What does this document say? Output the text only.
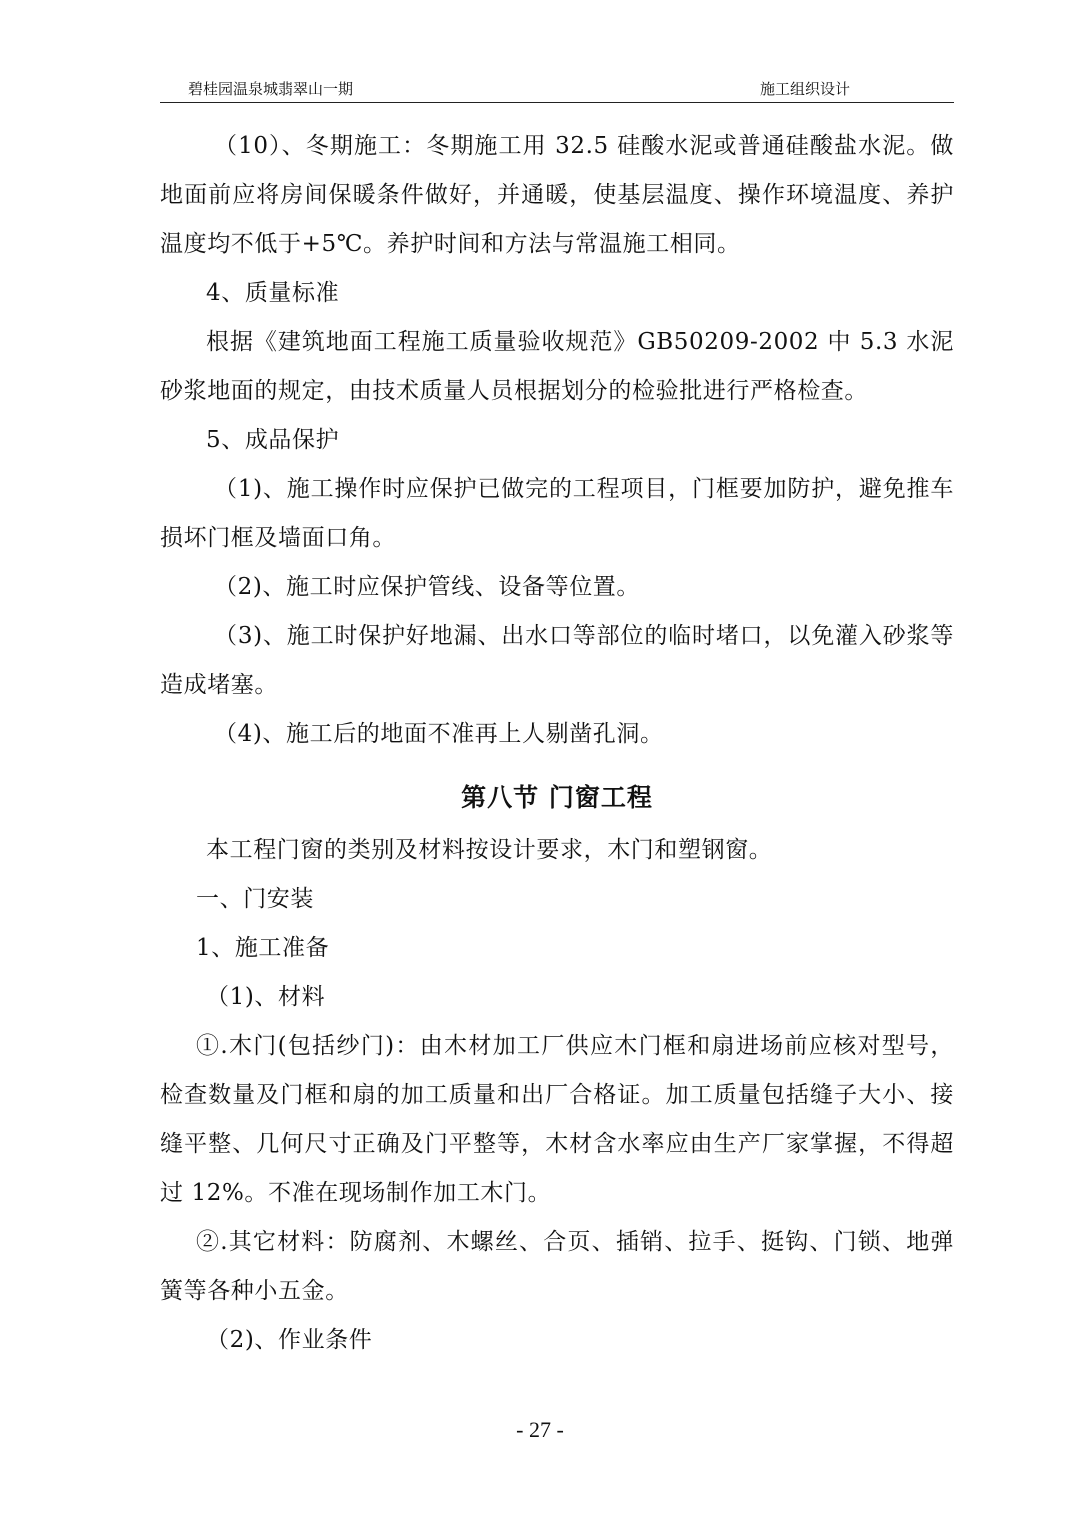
碧桂园温泉城翡翠山一期	施工组织设计

（10）、冬期施工：冬期施工用 32.5 硅酸水泥或普通硅酸盐水泥。做地面前应将房间保暖条件做好，并通暖，使基层温度、操作环境温度、养护温度均不低于+5℃。养护时间和方法与常温施工相同。

4、质量标准

根据《建筑地面工程施工质量验收规范》GB50209-2002 中 5.3 水泥砂浆地面的规定，由技术质量人员根据划分的检验批进行严格检查。

5、成品保护

（1)、施工操作时应保护已做完的工程项目，门框要加防护，避免推车损坏门框及墙面口角。

（2)、施工时应保护管线、设备等位置。

（3)、施工时保护好地漏、出水口等部位的临时堵口，以免灌入砂浆等造成堵塞。

（4)、施工后的地面不准再上人剔凿孔洞。

第八节 门窗工程

本工程门窗的类别及材料按设计要求，木门和塑钢窗。

一、门安装

1、施工准备

（1)、材料

①.木门(包括纱门)：由木材加工厂供应木门框和扇进场前应核对型号，检查数量及门框和扇的加工质量和出厂合格证。加工质量包括缝子大小、接缝平整、几何尺寸正确及门平整等，木材含水率应由生产厂家掌握，不得超过 12%。不准在现场制作加工木门。

②.其它材料：防腐剂、木螺丝、合页、插销、拉手、挺钩、门锁、地弹簧等各种小五金。

（2)、作业条件

- 27 -
